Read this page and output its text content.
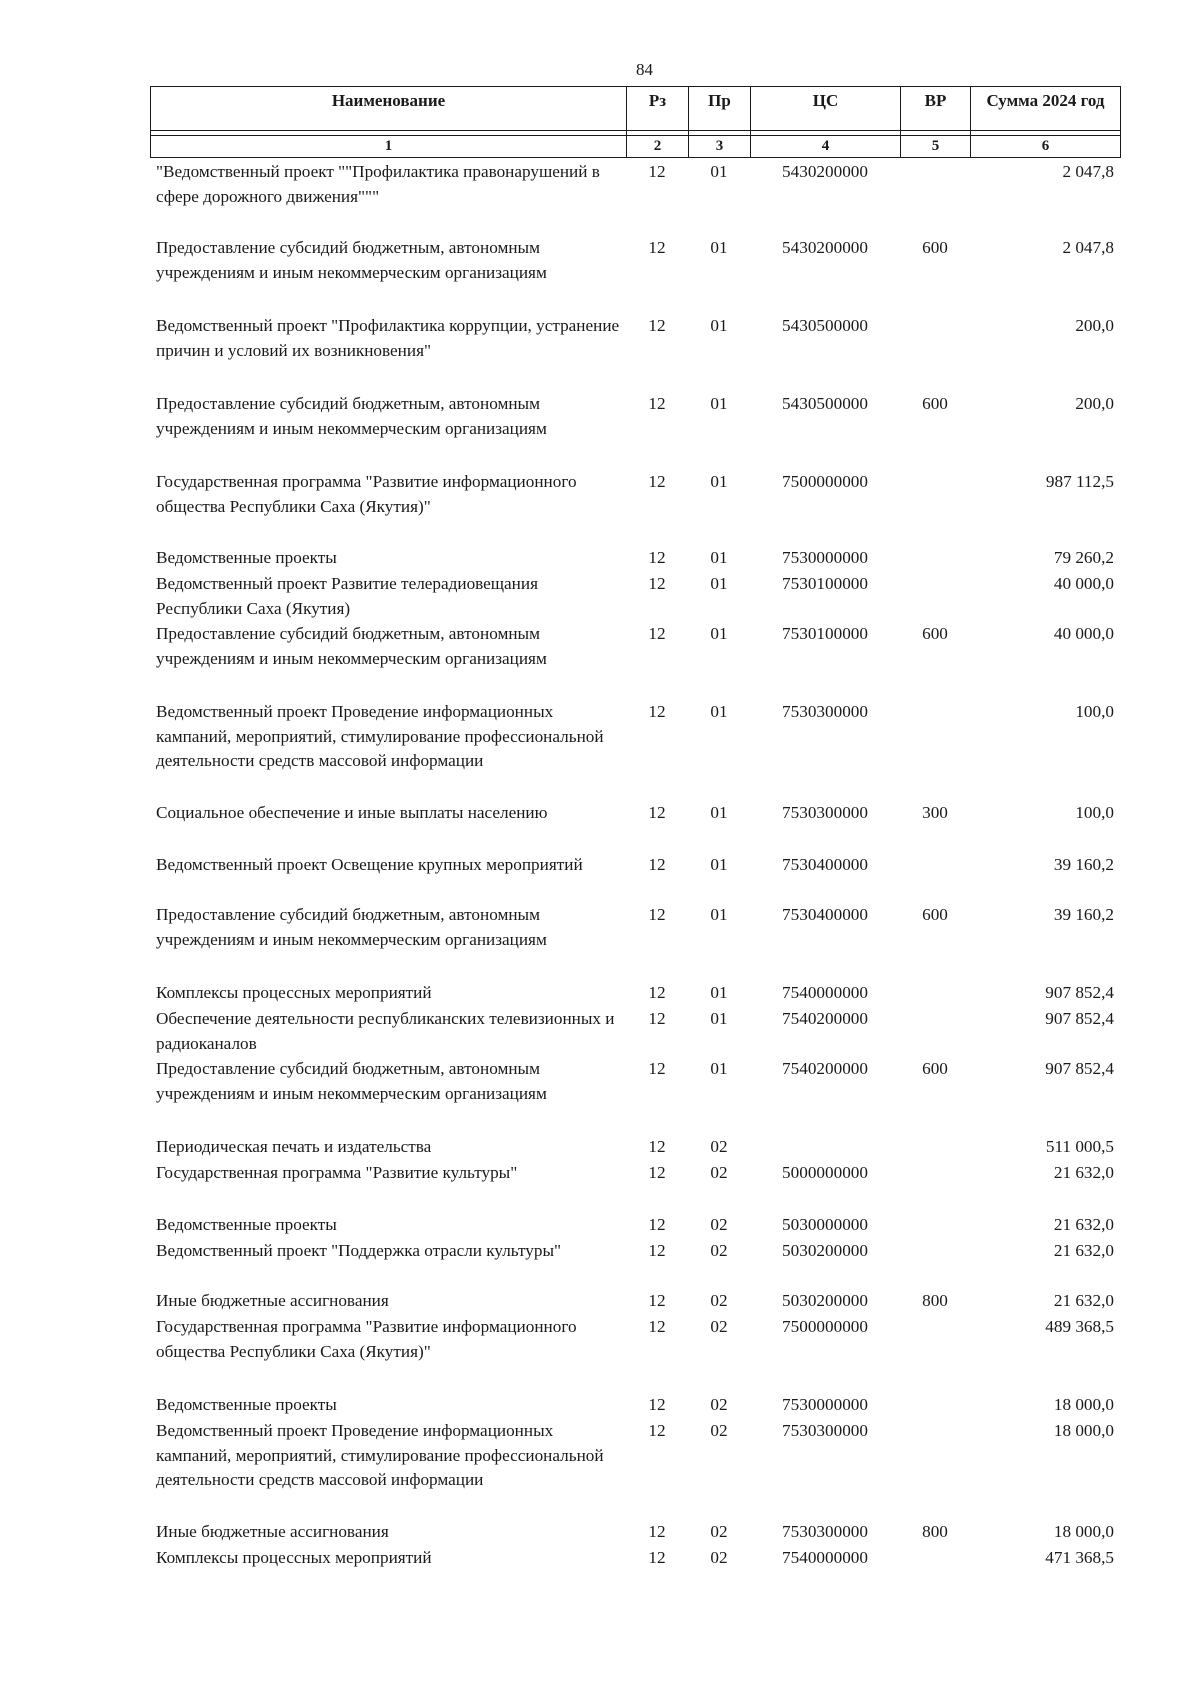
84
Наименование	Рз	Пр	ЦС	ВР	Сумма 2024 год

1	2	3	4	5	6
"Ведомственный проект ""Профилактика правонарушений в сфере дорожного движения"""	12	01	5430200000		2 047,8
Предоставление субсидий бюджетным, автономным учреждениям и иным некоммерческим организациям	12	01	5430200000	600	2 047,8
Ведомственный проект "Профилактика коррупции, устранение причин и условий их возникновения"	12	01	5430500000		200,0
Предоставление субсидий бюджетным, автономным учреждениям и иным некоммерческим организациям	12	01	5430500000	600	200,0
Государственная программа "Развитие информационного общества Республики Саха (Якутия)"	12	01	7500000000		987 112,5
Ведомственные проекты	12	01	7530000000		79 260,2
Ведомственный проект Развитие телерадиовещания Республики Саха (Якутия)	12	01	7530100000		40 000,0
Предоставление субсидий бюджетным, автономным учреждениям и иным некоммерческим организациям	12	01	7530100000	600	40 000,0
Ведомственный проект Проведение информационных кампаний, мероприятий, стимулирование профессиональной деятельности средств массовой информации	12	01	7530300000		100,0
Социальное обеспечение и иные выплаты населению	12	01	7530300000	300	100,0
Ведомственный проект Освещение крупных мероприятий	12	01	7530400000		39 160,2
Предоставление субсидий бюджетным, автономным учреждениям и иным некоммерческим организациям	12	01	7530400000	600	39 160,2
Комплексы процессных мероприятий	12	01	7540000000		907 852,4
Обеспечение деятельности республиканских телевизионных и радиоканалов	12	01	7540200000		907 852,4
Предоставление субсидий бюджетным, автономным учреждениям и иным некоммерческим организациям	12	01	7540200000	600	907 852,4
Периодическая печать и издательства	12	02			511 000,5
Государственная программа "Развитие культуры"	12	02	5000000000		21 632,0
Ведомственные проекты	12	02	5030000000		21 632,0
Ведомственный проект "Поддержка отрасли культуры"	12	02	5030200000		21 632,0
Иные бюджетные ассигнования	12	02	5030200000	800	21 632,0
Государственная программа "Развитие информационного общества Республики Саха (Якутия)"	12	02	7500000000		489 368,5
Ведомственные проекты	12	02	7530000000		18 000,0
Ведомственный проект Проведение информационных кампаний, мероприятий, стимулирование профессиональной деятельности средств массовой информации	12	02	7530300000		18 000,0
Иные бюджетные ассигнования	12	02	7530300000	800	18 000,0
Комплексы процессных мероприятий	12	02	7540000000		471 368,5
